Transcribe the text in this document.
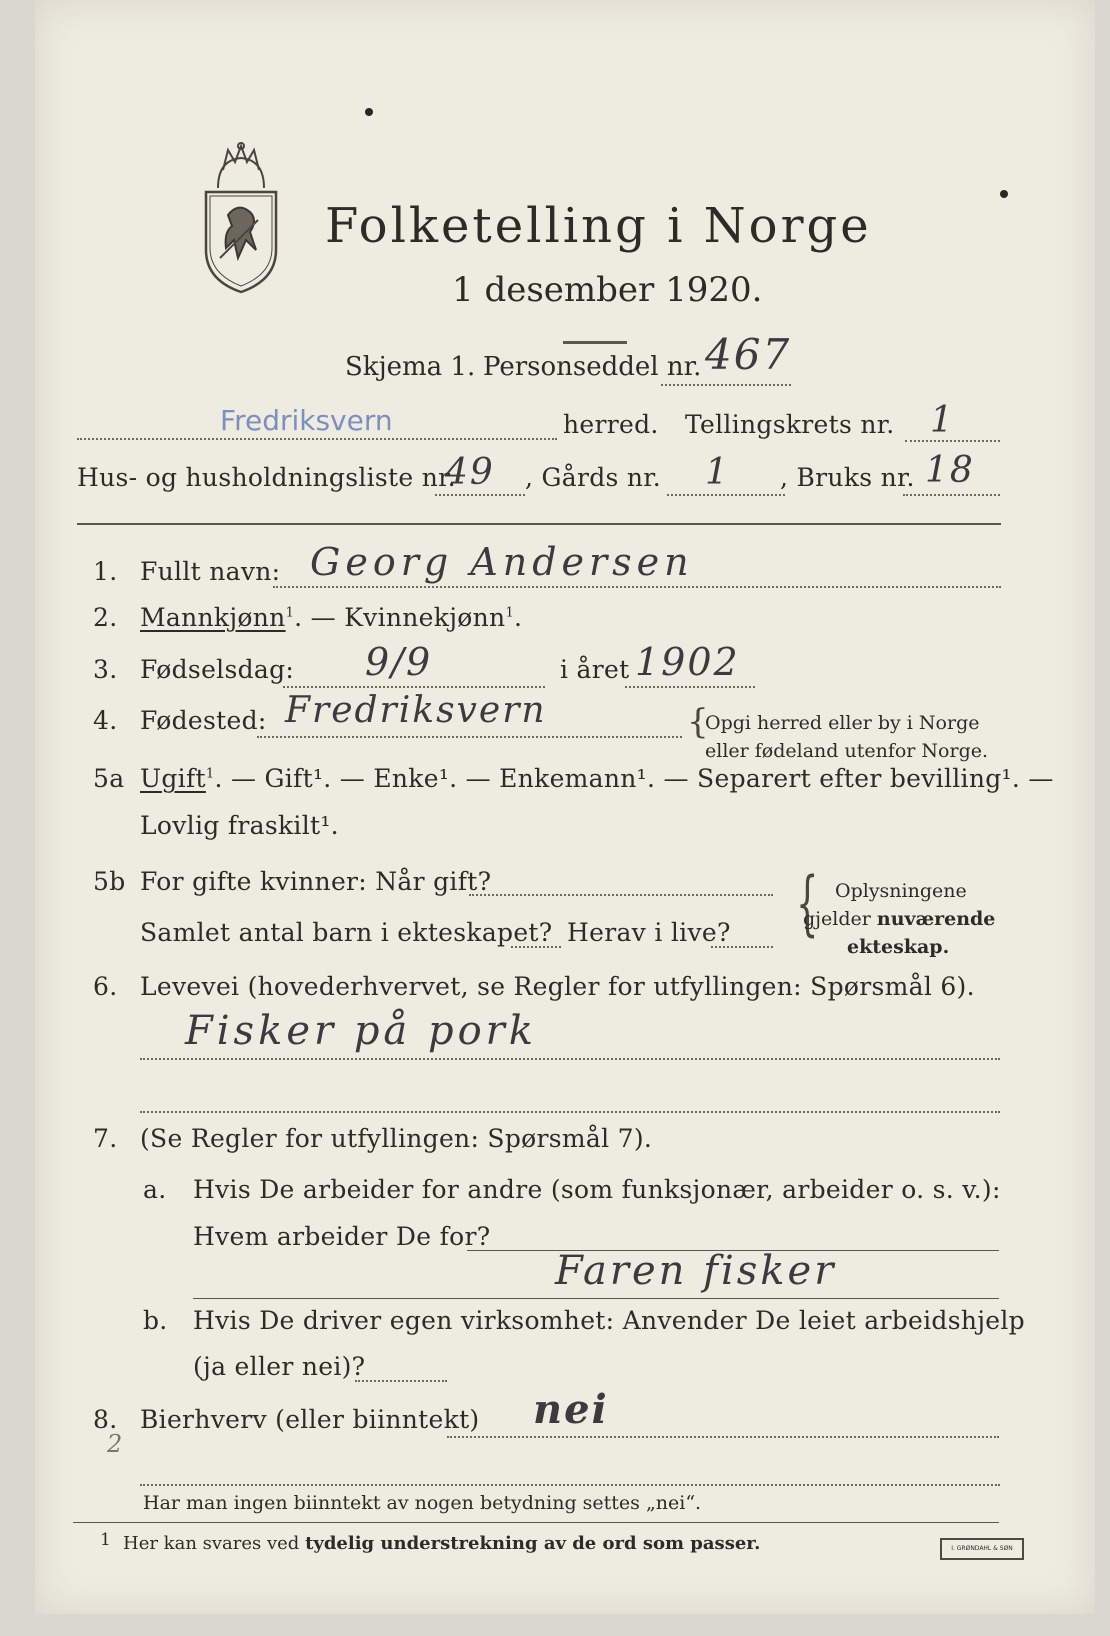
Folketelling i Norge
1 desember 1920.
Skjema 1. Personseddel nr. 467
Fredriksvern	herred. Tellingskrets nr. 1
Hus- og husholdningsliste nr.
49 , Gårds nr. 1 , Bruks nr. 18
1. Fullt navn: Georg Andersen
2. Mannkjønn$^1$. — Kvinnekjønn$^1$.
3. Fødselsdag: 9/9	i året 1902
4. Fødested: Fredriksvern	{
Opgi herred eller by i Norge
eller fødeland utenfor Norge.
5a Ugift$^1$. — Gift¹. — Enke¹. — Enkemann¹. — Separert efter bevilling¹. —
Lovlig fraskilt¹.
5b For gifte kvinner: Når gift?
Samlet antal barn i ekteskapet? Herav i live? { Oplysningene
gjelder nuværende
ekteskap.
6. Levevei (hovederhvervet, se Regler for utfyllingen: Spørsmål 6).
Fisker på pork
7. (Se Regler for utfyllingen: Spørsmål 7).
a. Hvis De arbeider for andre (som funksjonær, arbeider o. s. v.):
Hvem arbeider De for?
Faren fisker
b. Hvis De driver egen virksomhet: Anvender De leiet arbeidshjelp
(ja eller nei)?
8. Bierhverv (eller biinntekt) nei
Har man ingen biinntekt av nogen betydning settes „nei“.
1 Her kan svares ved tydelig understrekning av de ord som passer.	I. GRØNDAHL & SØN
2
